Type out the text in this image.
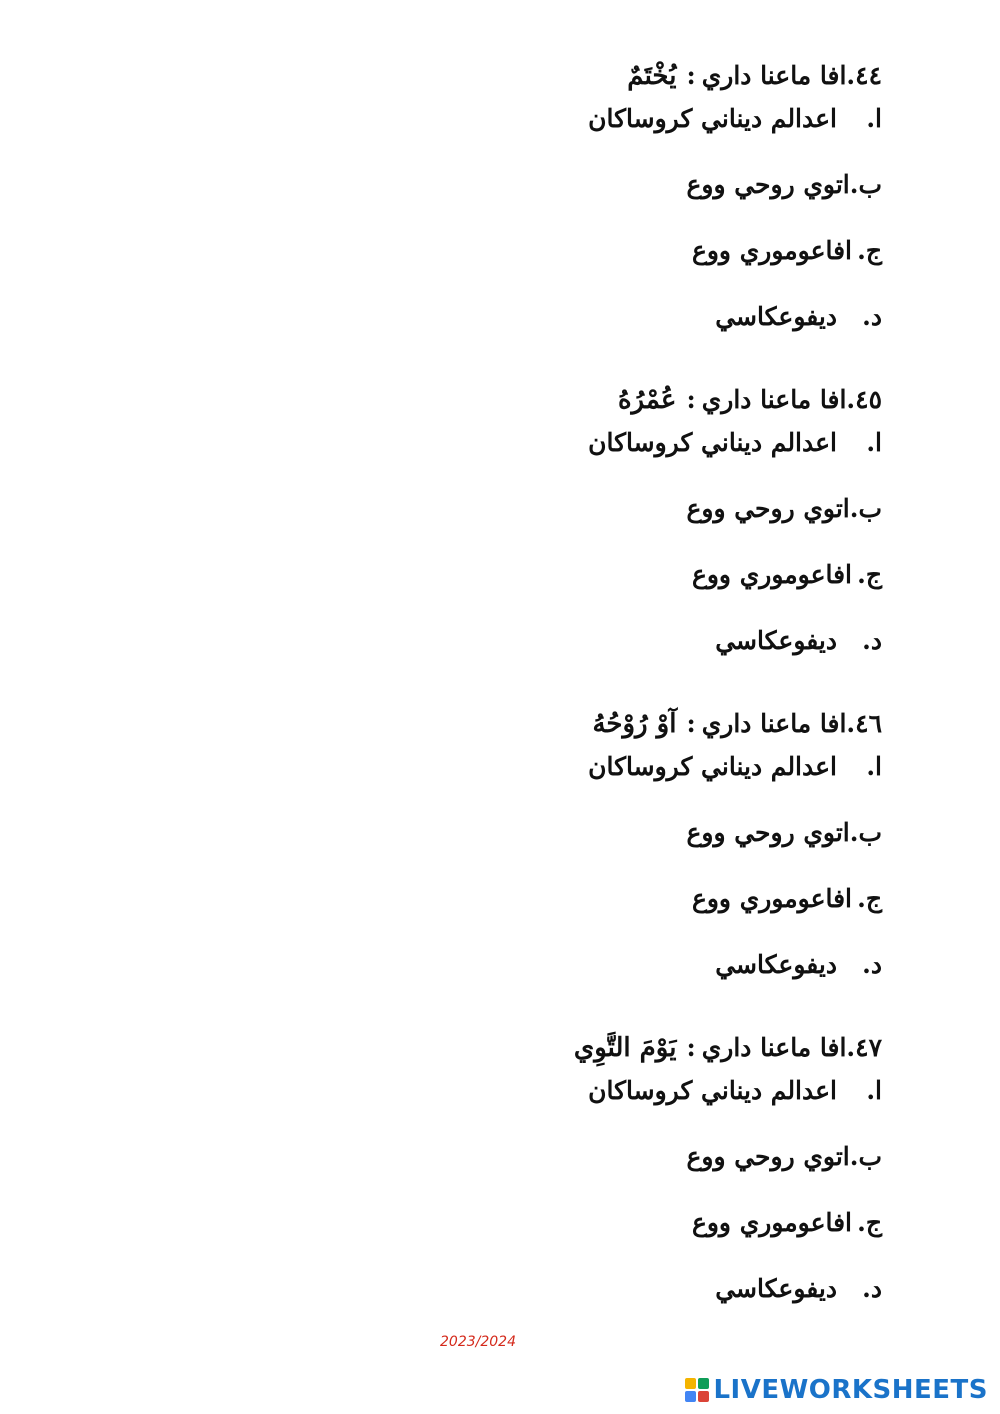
٤٤.
افا ماعنا داري
:
يُخْتَمٌ
ا.
اعدالم ديناني كروساكان
ب.
اتوي روحي ووع
ج.
افاعوموري ووع
د.
ديفوعكاسي
٤٥.
افا ماعنا داري
:
عُمْرُهُ
ا.
اعدالم ديناني كروساكان
ب.
اتوي روحي ووع
ج.
افاعوموري ووع
د.
ديفوعكاسي
٤٦.
افا ماعنا داري
:
آوْ رُوْحُهُ
ا.
اعدالم ديناني كروساكان
ب.
اتوي روحي ووع
ج.
افاعوموري ووع
د.
ديفوعكاسي
٤٧.
افا ماعنا داري
:
يَوْمَ التَّوِي
ا.
اعدالم ديناني كروساكان
ب.
اتوي روحي ووع
ج.
افاعوموري ووع
د.
ديفوعكاسي
2023/2024
LIVEWORKSHEETS
